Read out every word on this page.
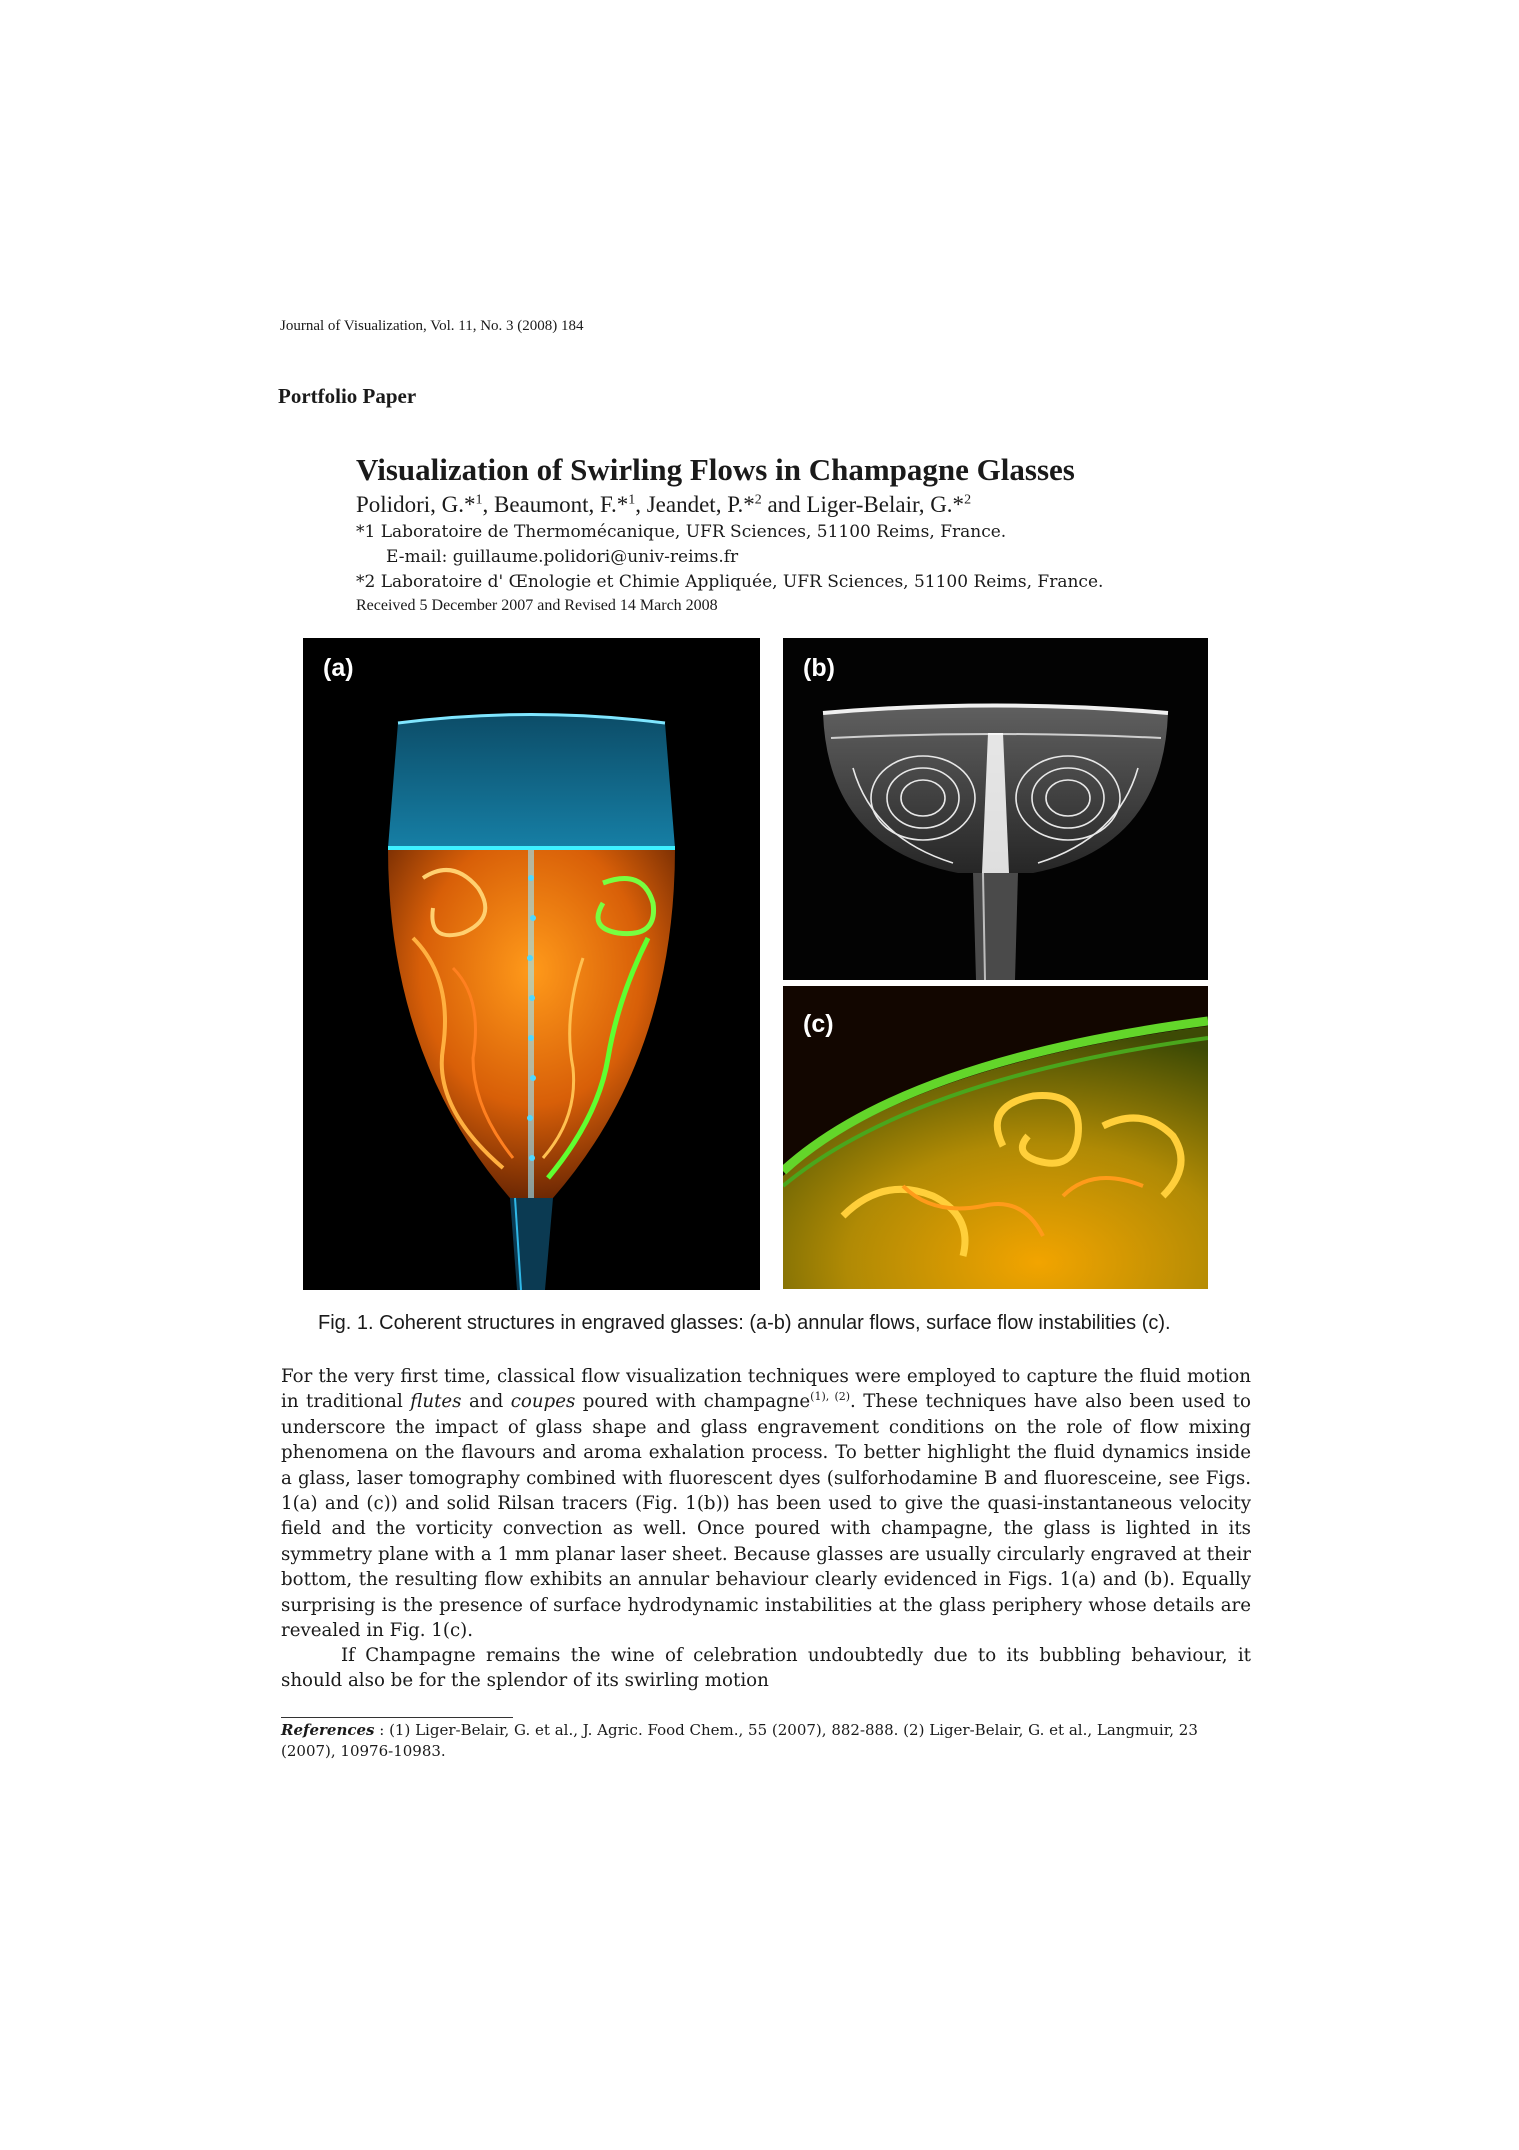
Journal of Visualization, Vol. 11, No. 3 (2008) 184
Portfolio Paper
Visualization of Swirling Flows in Champagne Glasses
Polidori, G.*$^1$, Beaumont, F.*$^1$, Jeandet, P.*$^2$ and Liger-Belair, G.*$^2$
*1 Laboratoire de Thermomécanique, UFR Sciences, 51100 Reims, France.
E-mail: guillaume.polidori@univ-reims.fr
*2 Laboratoire d' Œnologie et Chimie Appliquée, UFR Sciences, 51100 Reims, France.
Received 5 December 2007 and Revised 14 March 2008
(a)	(b)
(c)
Fig. 1. Coherent structures in engraved glasses: (a-b) annular flows, surface flow instabilities (c).
For the very first time, classical flow visualization techniques were employed to capture the fluid motion in traditional flutes and coupes poured with champagne$^{(1), (2)}$. These techniques have also been used to underscore the impact of glass shape and glass engravement conditions on the role of flow mixing phenomena on the flavours and aroma exhalation process. To better highlight the fluid dynamics inside a glass, laser tomography combined with fluorescent dyes (sulforhodamine B and fluoresceine, see Figs. 1(a) and (c)) and solid Rilsan tracers (Fig. 1(b)) has been used to give the quasi-instantaneous velocity field and the vorticity convection as well. Once poured with champagne, the glass is lighted in its symmetry plane with a 1 mm planar laser sheet. Because glasses are usually circularly engraved at their bottom, the resulting flow exhibits an annular behaviour clearly evidenced in Figs. 1(a) and (b). Equally surprising is the presence of surface hydrodynamic instabilities at the glass periphery whose details are revealed in Fig. 1(c).
If Champagne remains the wine of celebration undoubtedly due to its bubbling behaviour, it should also be for the splendor of its swirling motion
References : (1) Liger-Belair, G. et al., J. Agric. Food Chem., 55 (2007), 882-888. (2) Liger-Belair, G. et al., Langmuir, 23 (2007), 10976-10983.
